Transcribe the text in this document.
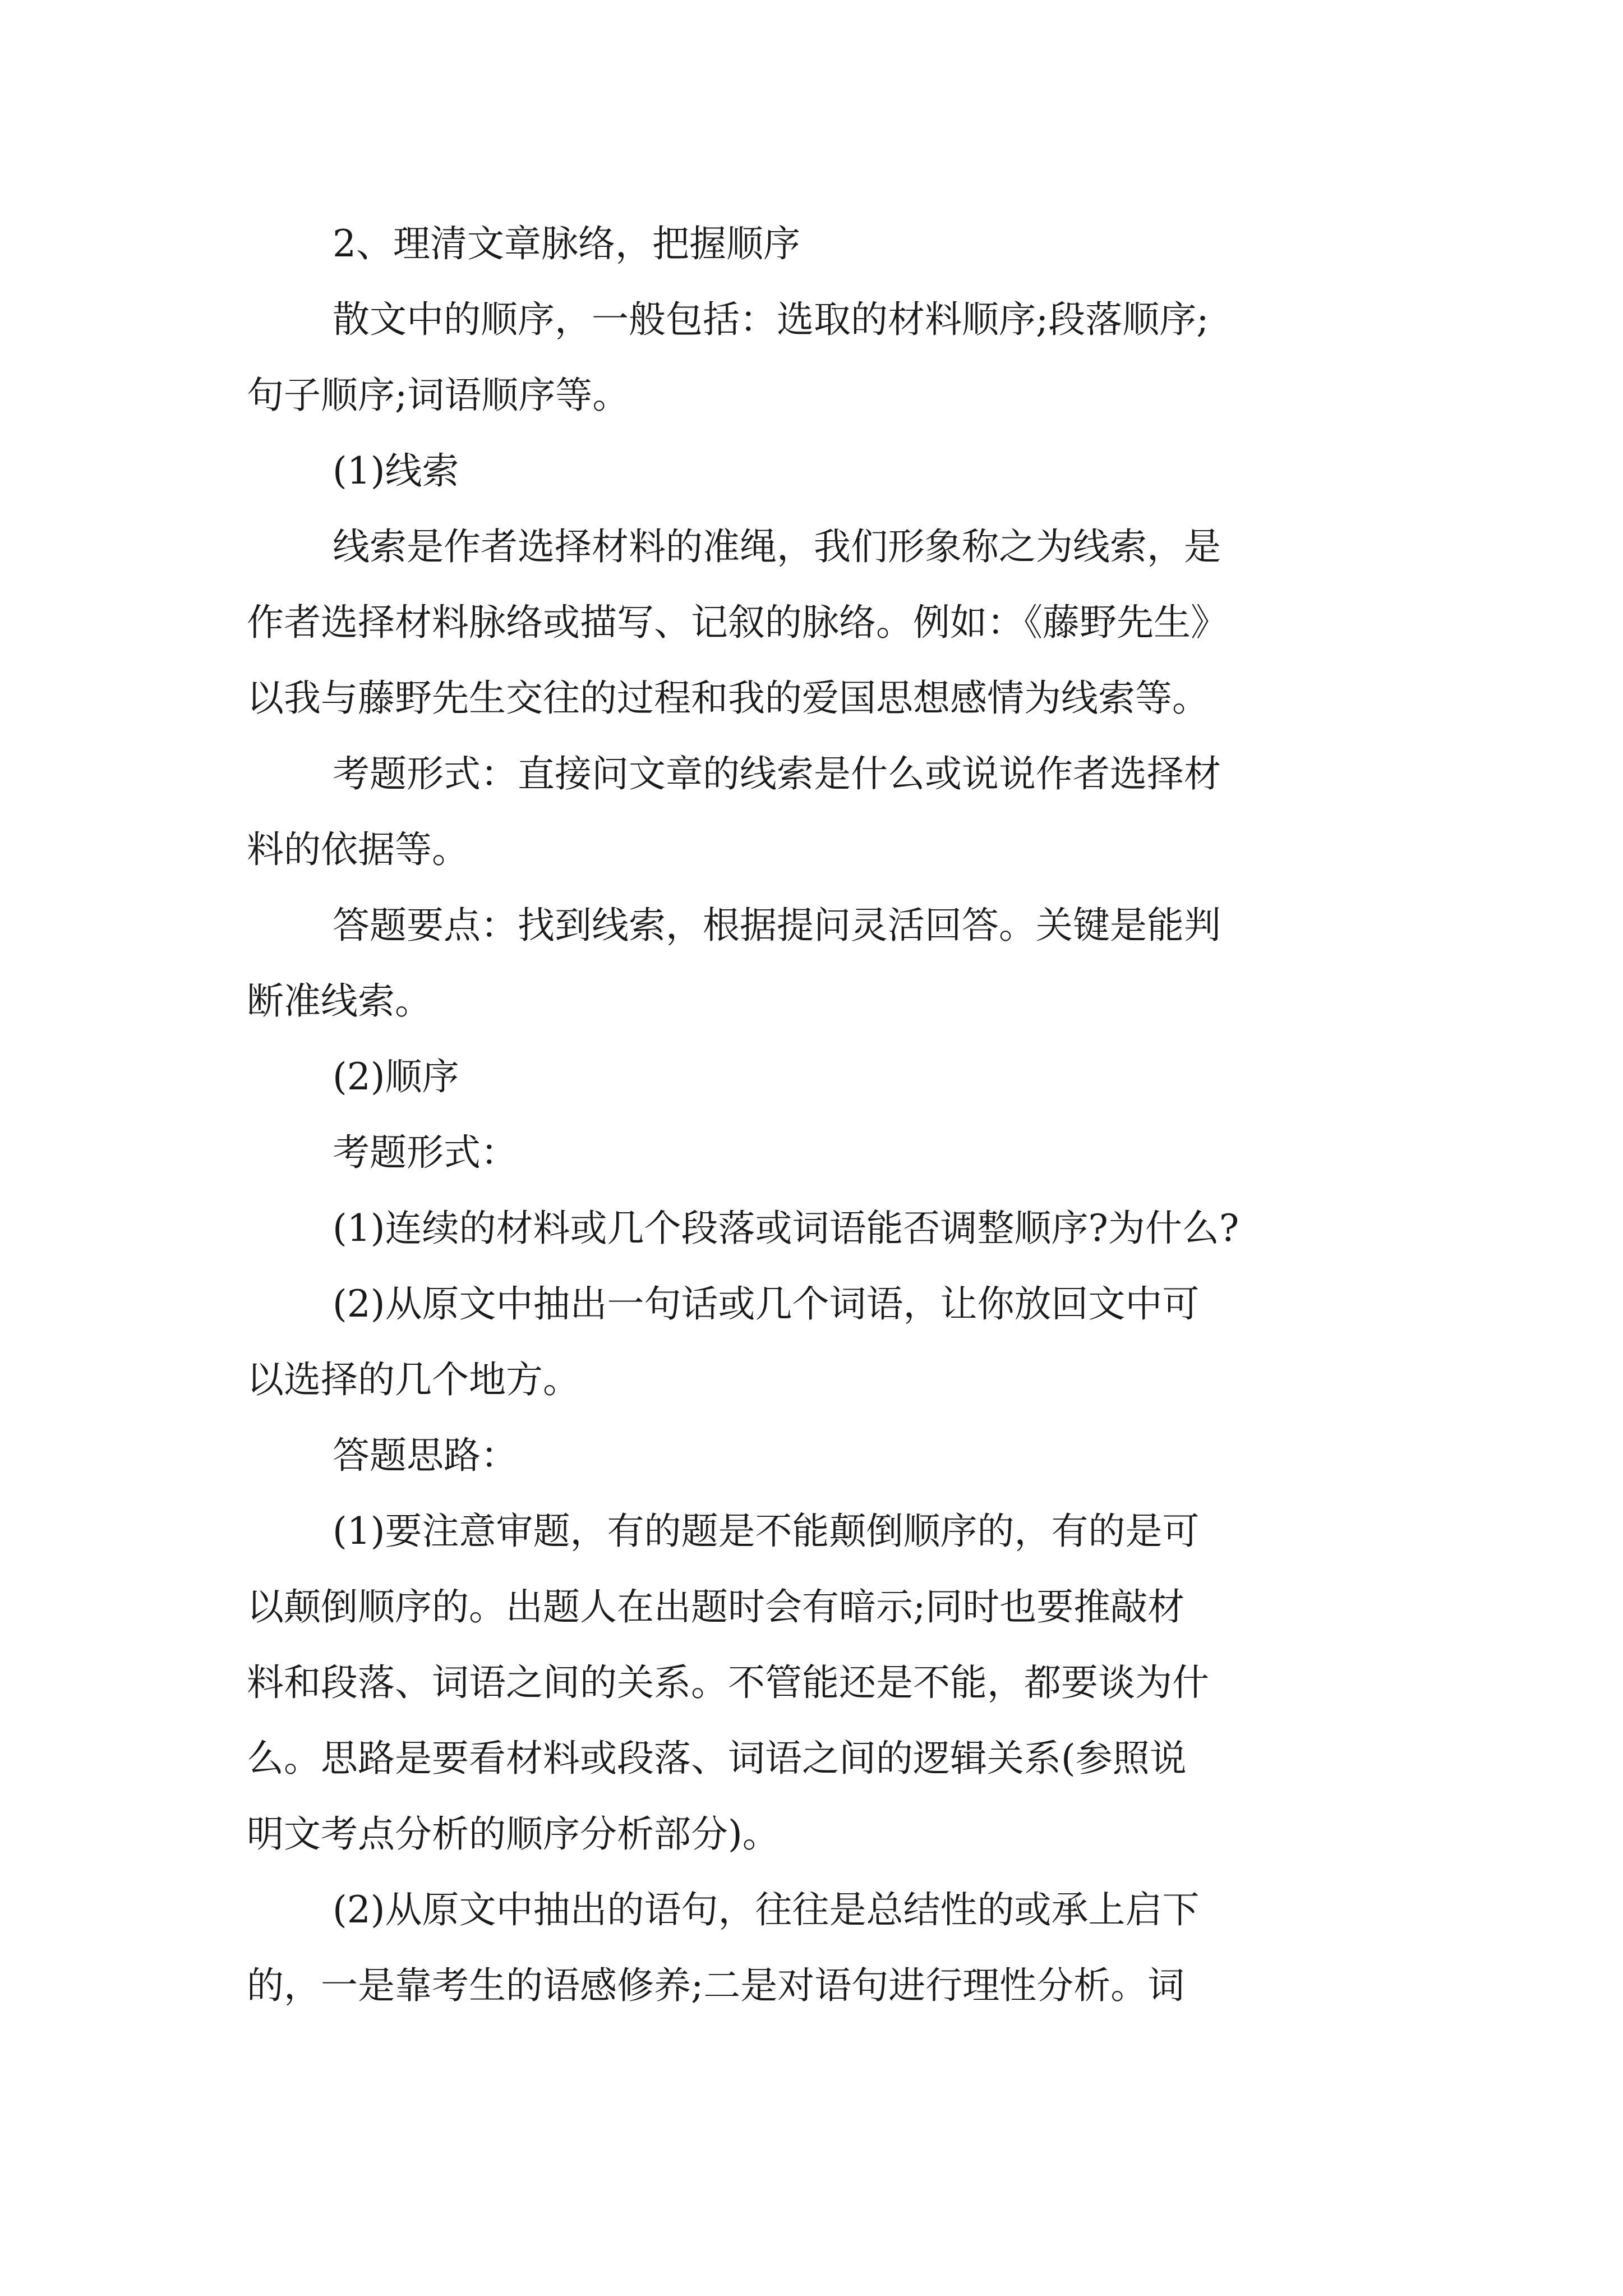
2、理清文章脉络，把握顺序

散文中的顺序，一般包括：选取的材料顺序;段落顺序;

句子顺序;词语顺序等。

(1)线索

线索是作者选择材料的准绳，我们形象称之为线索，是

作者选择材料脉络或描写、记叙的脉络。例如：《藤野先生》

以我与藤野先生交往的过程和我的爱国思想感情为线索等。

考题形式：直接问文章的线索是什么或说说作者选择材

料的依据等。

答题要点：找到线索，根据提问灵活回答。关键是能判

断准线索。

(2)顺序

考题形式：

(1)连续的材料或几个段落或词语能否调整顺序?为什么?

(2)从原文中抽出一句话或几个词语，让你放回文中可

以选择的几个地方。

答题思路：

(1)要注意审题，有的题是不能颠倒顺序的，有的是可

以颠倒顺序的。出题人在出题时会有暗示;同时也要推敲材

料和段落、词语之间的关系。不管能还是不能，都要谈为什

么。思路是要看材料或段落、词语之间的逻辑关系(参照说

明文考点分析的顺序分析部分)。

(2)从原文中抽出的语句，往往是总结性的或承上启下

的，一是靠考生的语感修养;二是对语句进行理性分析。词
